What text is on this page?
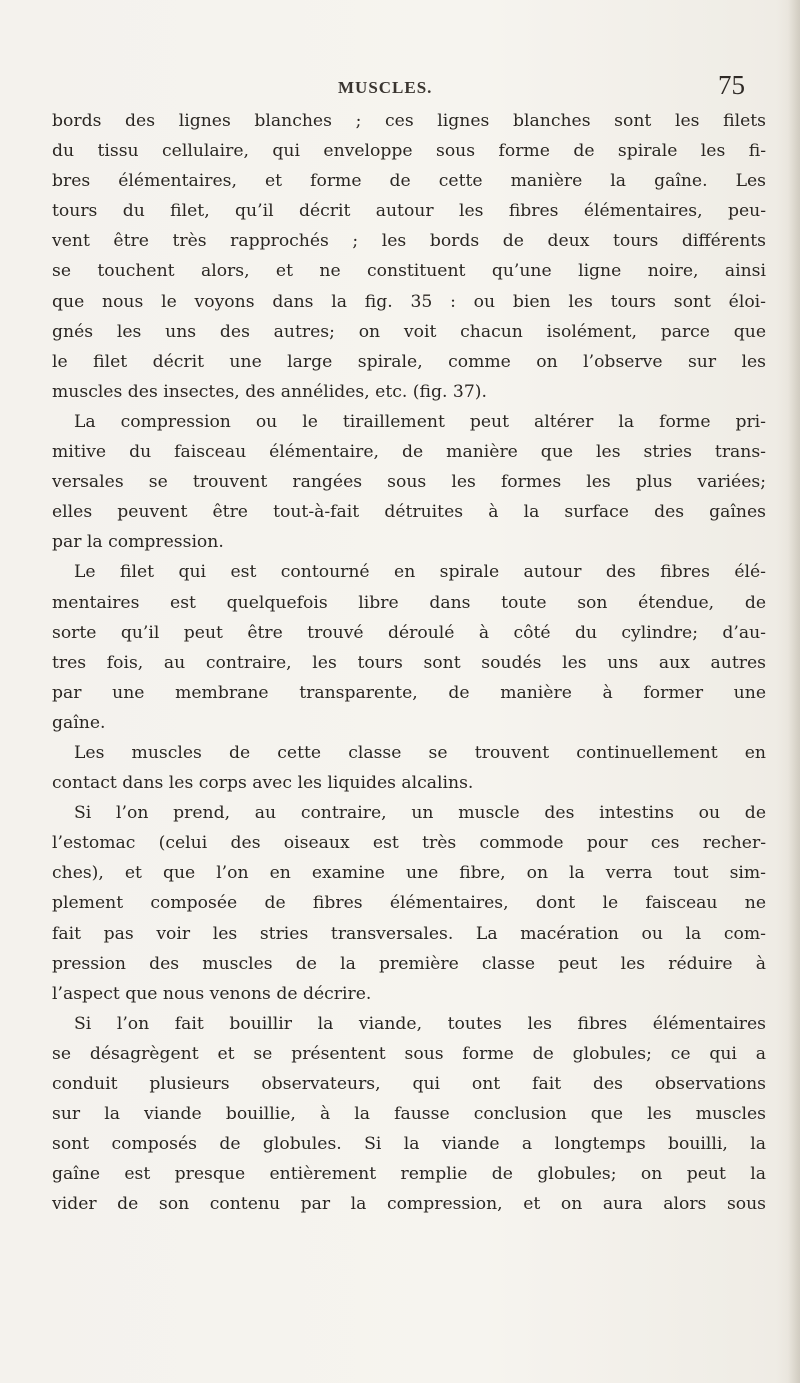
MUSCLES.	75
bords des lignes blanches ; ces lignes blanches sont les filets
du tissu cellulaire, qui enveloppe sous forme de spirale les fi-
bres élémentaires, et forme de cette manière la gaîne. Les
tours du filet, qu’il décrit autour les fibres élémentaires, peu-
vent être très rapprochés ; les bords de deux tours différents
se touchent alors, et ne constituent qu’une ligne noire, ainsi
que nous le voyons dans la fig. 35 : ou bien les tours sont éloi-
gnés les uns des autres; on voit chacun isolément, parce que
le filet décrit une large spirale, comme on l’observe sur les
muscles des insectes, des annélides, etc. (fig. 37).
La compression ou le tiraillement peut altérer la forme pri-
mitive du faisceau élémentaire, de manière que les stries trans-
versales se trouvent rangées sous les formes les plus variées;
elles peuvent être tout-à-fait détruites à la surface des gaînes
par la compression.
Le filet qui est contourné en spirale autour des fibres élé-
mentaires est quelquefois libre dans toute son étendue, de
sorte qu’il peut être trouvé déroulé à côté du cylindre; d’au-
tres fois, au contraire, les tours sont soudés les uns aux autres
par une membrane transparente, de manière à former une
gaîne.
Les muscles de cette classe se trouvent continuellement en
contact dans les corps avec les liquides alcalins.
Si l’on prend, au contraire, un muscle des intestins ou de
l’estomac (celui des oiseaux est très commode pour ces recher-
ches), et que l’on en examine une fibre, on la verra tout sim-
plement composée de fibres élémentaires, dont le faisceau ne
fait pas voir les stries transversales. La macération ou la com-
pression des muscles de la première classe peut les réduire à
l’aspect que nous venons de décrire.
Si l’on fait bouillir la viande, toutes les fibres élémentaires
se désagrègent et se présentent sous forme de globules; ce qui a
conduit plusieurs observateurs, qui ont fait des observations
sur la viande bouillie, à la fausse conclusion que les muscles
sont composés de globules. Si la viande a longtemps bouilli, la
gaîne est presque entièrement remplie de globules; on peut la
vider de son contenu par la compression, et on aura alors sous
